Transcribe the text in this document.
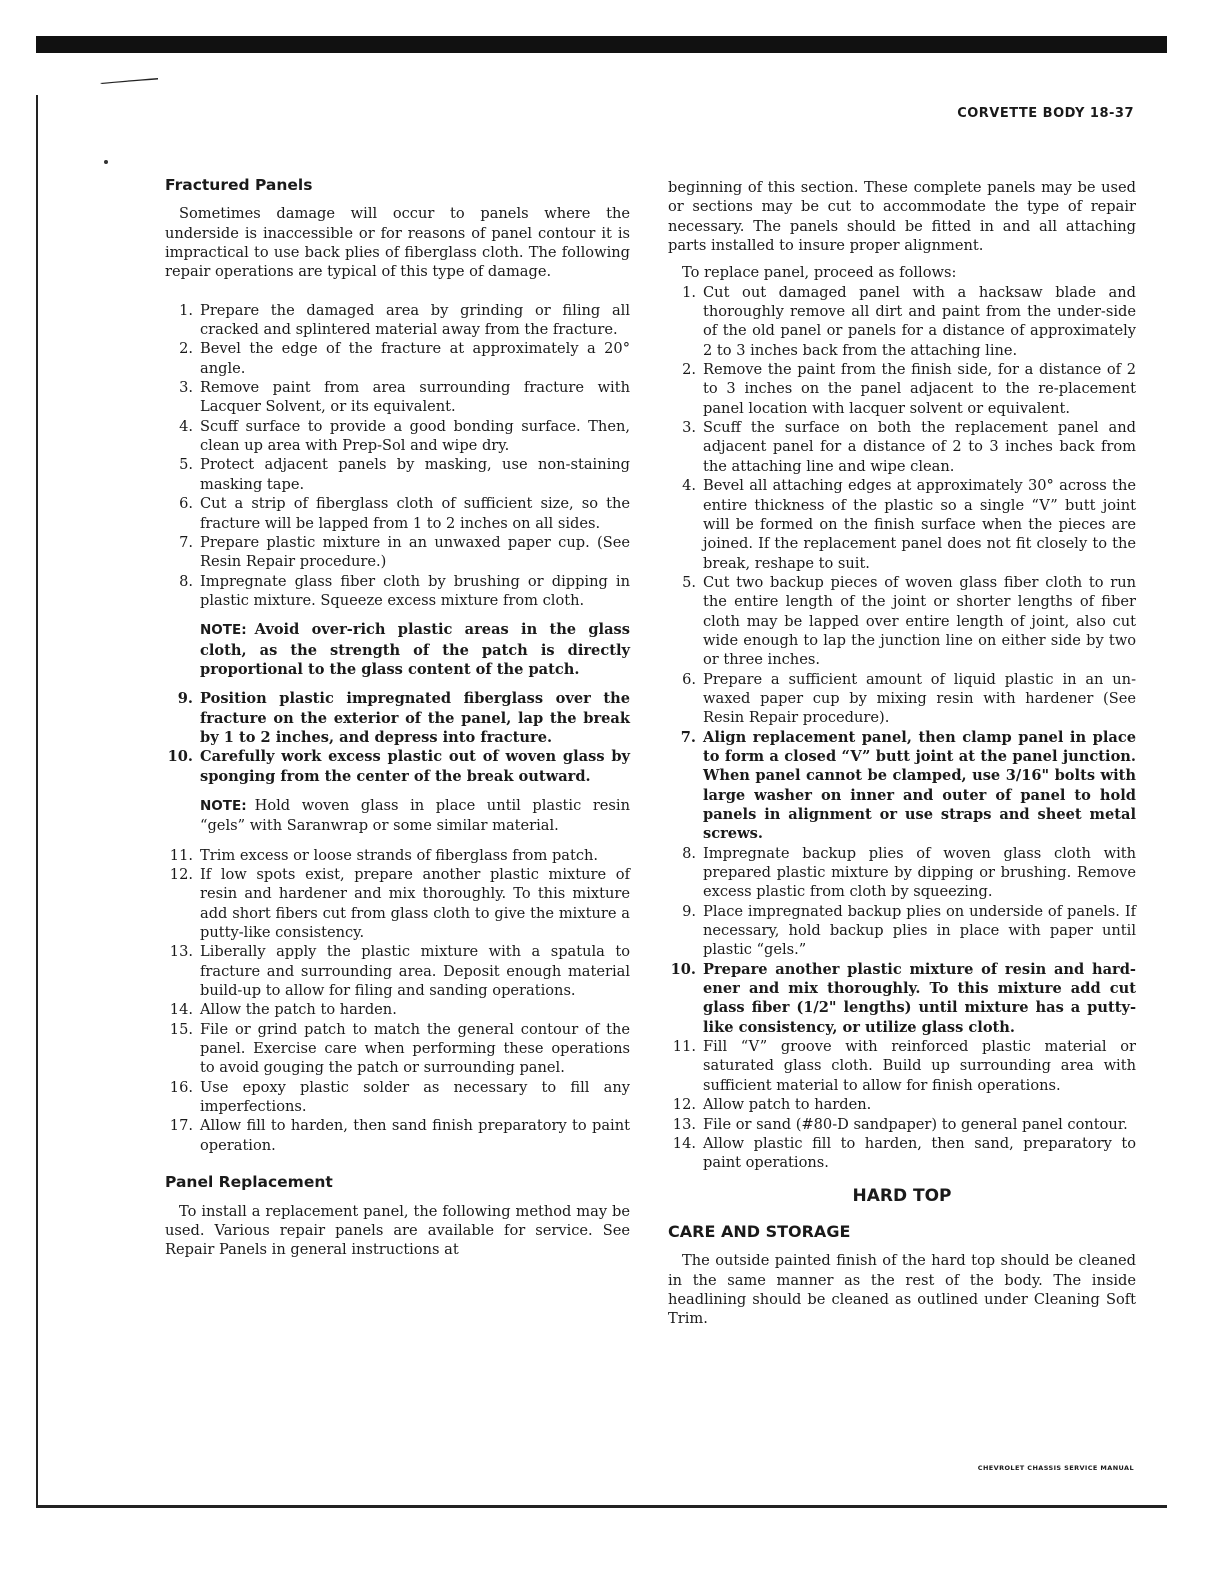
CORVETTE BODY 18-37
Fractured Panels

Sometimes damage will occur to panels where the underside is inaccessible or for reasons of panel contour it is impractical to use back plies of fiberglass cloth. The following repair operations are typical of this type of damage.

1. Prepare the damaged area by grinding or filing all cracked and splintered material away from the fracture.
2. Bevel the edge of the fracture at approximately a 20° angle.
3. Remove paint from area surrounding fracture with Lacquer Solvent, or its equivalent.
4. Scuff surface to provide a good bonding surface. Then, clean up area with Prep-Sol and wipe dry.
5. Protect adjacent panels by masking, use non-staining masking tape.
6. Cut a strip of fiberglass cloth of sufficient size, so the fracture will be lapped from 1 to 2 inches on all sides.
7. Prepare plastic mixture in an unwaxed paper cup. (See Resin Repair procedure.)
8. Impregnate glass fiber cloth by brushing or dipping in plastic mixture. Squeeze excess mixture from cloth.
NOTE: Avoid over-rich plastic areas in the glass cloth, as the strength of the patch is directly proportional to the glass content of the patch.
9. Position plastic impregnated fiberglass over the fracture on the exterior of the panel, lap the break by 1 to 2 inches, and depress into fracture.
10. Carefully work excess plastic out of woven glass by sponging from the center of the break outward.
NOTE: Hold woven glass in place until plastic resin “gels” with Saranwrap or some similar material.
11. Trim excess or loose strands of fiberglass from patch.
12. If low spots exist, prepare another plastic mixture of resin and hardener and mix thoroughly. To this mixture add short fibers cut from glass cloth to give the mixture a putty-like consistency.
13. Liberally apply the plastic mixture with a spatula to fracture and surrounding area. Deposit enough material build-up to allow for filing and sanding operations.
14. Allow the patch to harden.
15. File or grind patch to match the general contour of the panel. Exercise care when performing these operations to avoid gouging the patch or surrounding panel.
16. Use epoxy plastic solder as necessary to fill any imperfections.
17. Allow fill to harden, then sand finish preparatory to paint operation.
Panel Replacement

To install a replacement panel, the following method may be used. Various repair panels are available for service. See Repair Panels in general instructions at

beginning of this section. These complete panels may be used or sections may be cut to accommodate the type of repair necessary. The panels should be fitted in and all attaching parts installed to insure proper alignment.

To replace panel, proceed as follows:

1. Cut out damaged panel with a hacksaw blade and thoroughly remove all dirt and paint from the under-side of the old panel or panels for a distance of approximately 2 to 3 inches back from the attaching line.
2. Remove the paint from the finish side, for a distance of 2 to 3 inches on the panel adjacent to the re-placement panel location with lacquer solvent or equivalent.
3. Scuff the surface on both the replacement panel and adjacent panel for a distance of 2 to 3 inches back from the attaching line and wipe clean.
4. Bevel all attaching edges at approximately 30° across the entire thickness of the plastic so a single “V” butt joint will be formed on the finish surface when the pieces are joined. If the replacement panel does not fit closely to the break, reshape to suit.
5. Cut two backup pieces of woven glass fiber cloth to run the entire length of the joint or shorter lengths of fiber cloth may be lapped over entire length of joint, also cut wide enough to lap the junction line on either side by two or three inches.
6. Prepare a sufficient amount of liquid plastic in an un-waxed paper cup by mixing resin with hardener (See Resin Repair procedure).
7. Align replacement panel, then clamp panel in place to form a closed “V” butt joint at the panel junction. When panel cannot be clamped, use 3/16" bolts with large washer on inner and outer of panel to hold panels in alignment or use straps and sheet metal screws.
8. Impregnate backup plies of woven glass cloth with prepared plastic mixture by dipping or brushing. Remove excess plastic from cloth by squeezing.
9. Place impregnated backup plies on underside of panels. If necessary, hold backup plies in place with paper until plastic “gels.”
10. Prepare another plastic mixture of resin and hard-ener and mix thoroughly. To this mixture add cut glass fiber (1/2" lengths) until mixture has a putty-like consistency, or utilize glass cloth.
11. Fill “V” groove with reinforced plastic material or saturated glass cloth. Build up surrounding area with sufficient material to allow for finish operations.
12. Allow patch to harden.
13. File or sand (#80-D sandpaper) to general panel contour.
14. Allow plastic fill to harden, then sand, preparatory to paint operations.
HARD TOP
CARE AND STORAGE

The outside painted finish of the hard top should be cleaned in the same manner as the rest of the body. The inside headlining should be cleaned as outlined under Cleaning Soft Trim.

CHEVROLET CHASSIS SERVICE MANUAL
